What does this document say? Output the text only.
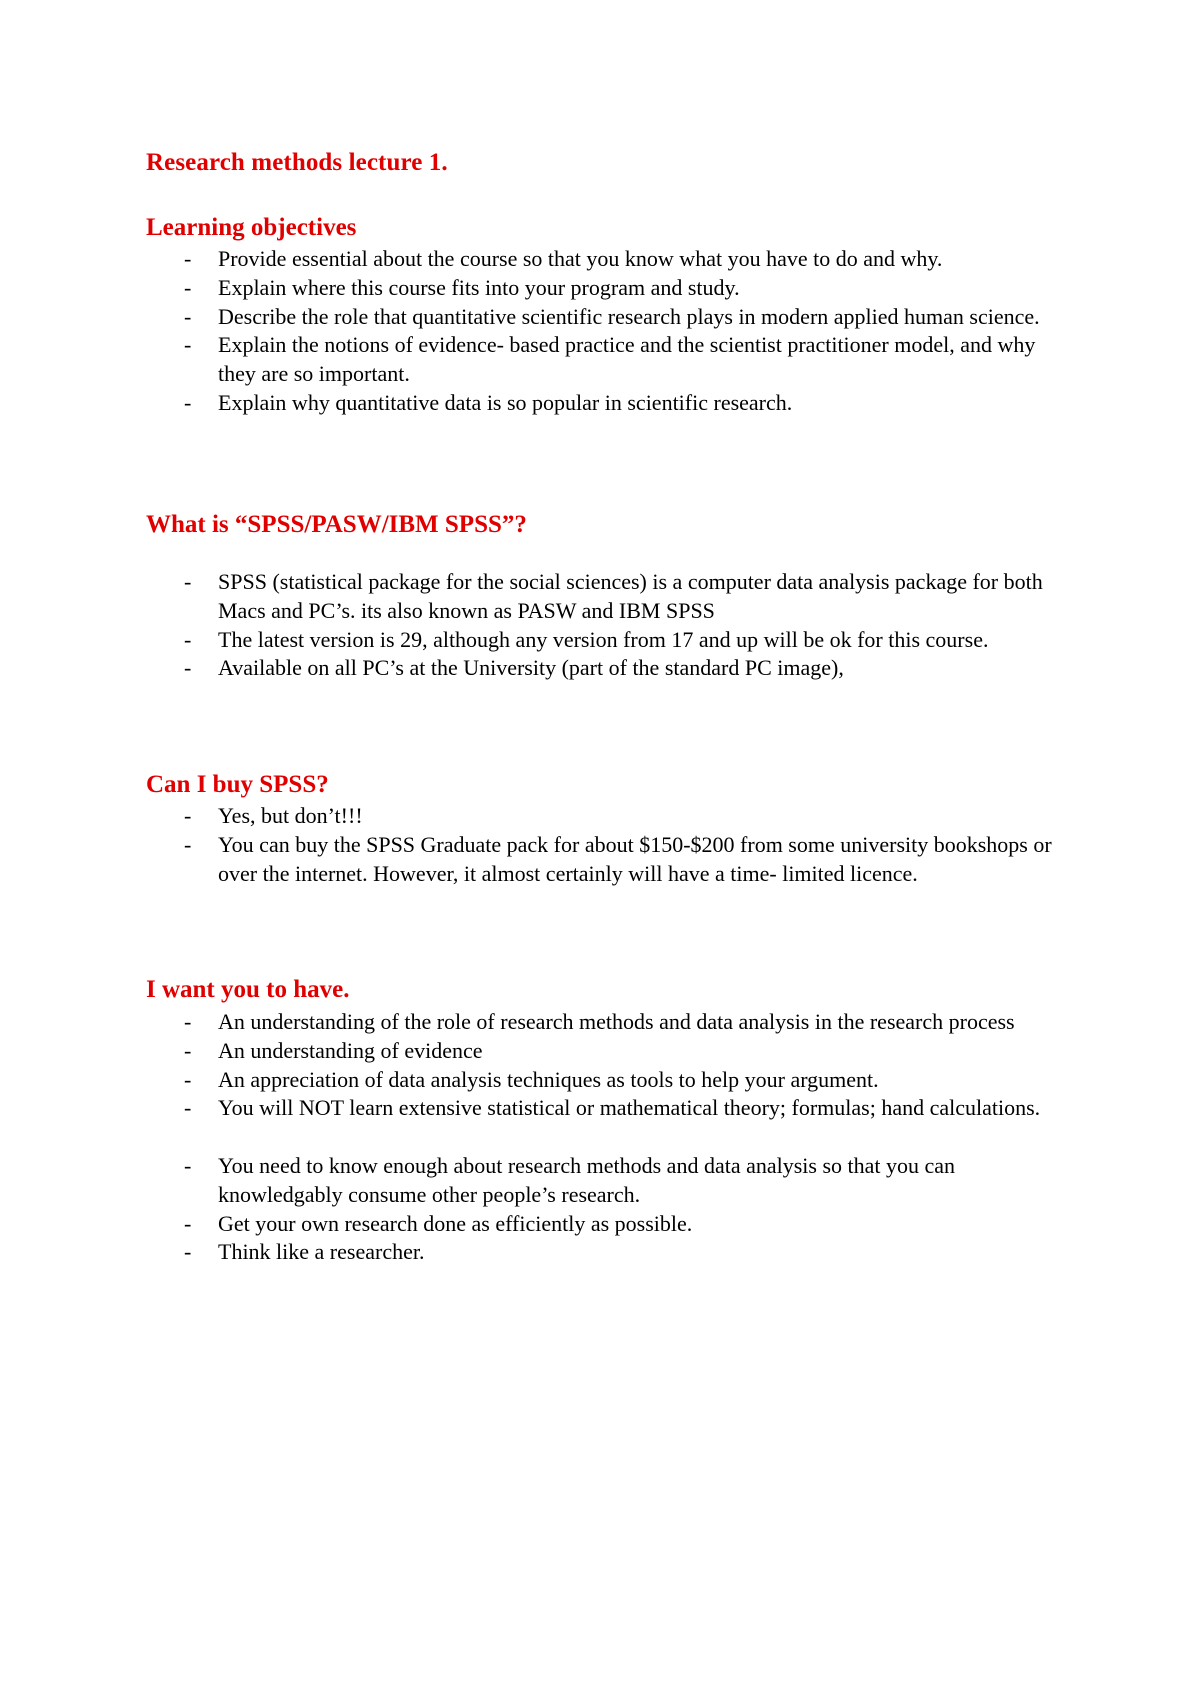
Research methods lecture 1.
Learning objectives
- Provide essential about the course so that you know what you have to do and why.
- Explain where this course fits into your program and study.
- Describe the role that quantitative scientific research plays in modern applied human science.
- Explain the notions of evidence- based practice and the scientist practitioner model, and why they are so important.
- Explain why quantitative data is so popular in scientific research.
What is “SPSS/PASW/IBM SPSS”?
- SPSS (statistical package for the social sciences) is a computer data analysis package for both Macs and PC’s. its also known as PASW and IBM SPSS
- The latest version is 29, although any version from 17 and up will be ok for this course.
- Available on all PC’s at the University (part of the standard PC image),
Can I buy SPSS?
- Yes, but don’t!!!
- You can buy the SPSS Graduate pack for about $150-$200 from some university bookshops or over the internet. However, it almost certainly will have a time- limited licence.
I want you to have.
- An understanding of the role of research methods and data analysis in the research process
- An understanding of evidence
- An appreciation of data analysis techniques as tools to help your argument.
- You will NOT learn extensive statistical or mathematical theory; formulas; hand calculations.
- You need to know enough about research methods and data analysis so that you can knowledgably consume other people’s research.
- Get your own research done as efficiently as possible.
- Think like a researcher.
